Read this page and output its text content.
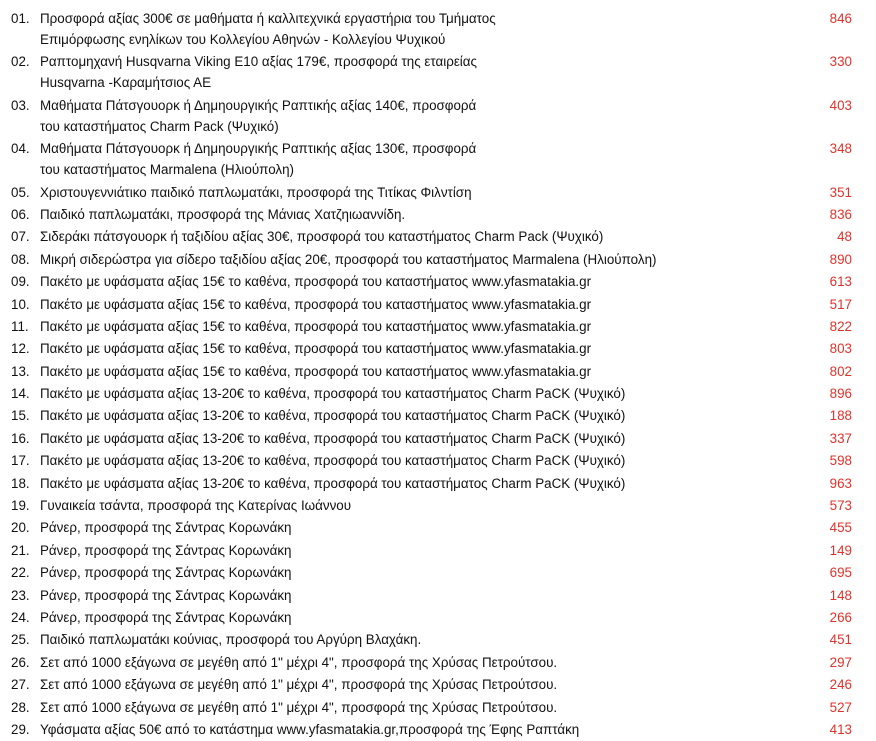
01. Προσφορά αξίας 300€ σε μαθήματα ή καλλιτεχνικά εργαστήρια του Τμήματος
Επιμόρφωσης ενηλίκων του Κολλεγίου Αθηνών - Κολλεγίου Ψυχικού
846
02. Ραπτομηχανή Husqvarna Viking E10 αξίας 179€, προσφορά της εταιρείας
Husqvarna -Καραμήτσιος ΑΕ
330
03. Μαθήματα Πάτσγουορκ ή Δημηουργικής Ραπτικής αξίας 140€, προσφορά
του καταστήματος Charm Pack (Ψυχικό)
403
04. Μαθήματα Πάτσγουορκ ή Δημηουργικής Ραπτικής αξίας 130€, προσφορά
του καταστήματος Marmalena (Ηλιούπολη)
348
05. Χριστουγεννιάτικο παιδικό παπλωματάκι, προσφορά της Τιτίκας Φιλντίση	351
06. Παιδικό παπλωματάκι, προσφορά της Μάνιας Χατζηιωαννίδη.	836
07. Σιδεράκι πάτσγουορκ ή ταξιδίου αξίας 30€, προσφορά του καταστήματος Charm Pack (Ψυχικό)	48
08. Μικρή σιδερώστρα για σίδερο ταξιδίου αξίας 20€, προσφορά του καταστήματος Marmalena (Ηλιούπολη)	890
09. Πακέτο με υφάσματα αξίας 15€ το καθένα, προσφορά του καταστήματος www.yfasmatakia.gr	613
10. Πακέτο με υφάσματα αξίας 15€ το καθένα, προσφορά του καταστήματος www.yfasmatakia.gr	517
11. Πακέτο με υφάσματα αξίας 15€ το καθένα, προσφορά του καταστήματος www.yfasmatakia.gr	822
12. Πακέτο με υφάσματα αξίας 15€ το καθένα, προσφορά του καταστήματος www.yfasmatakia.gr	803
13. Πακέτο με υφάσματα αξίας 15€ το καθένα, προσφορά του καταστήματος www.yfasmatakia.gr	802
14. Πακέτο με υφάσματα αξίας 13-20€ το καθένα, προσφορά του καταστήματος Charm PaCK (Ψυχικό)	896
15. Πακέτο με υφάσματα αξίας 13-20€ το καθένα, προσφορά του καταστήματος Charm PaCK (Ψυχικό)	188
16. Πακέτο με υφάσματα αξίας 13-20€ το καθένα, προσφορά του καταστήματος Charm PaCK (Ψυχικό)	337
17. Πακέτο με υφάσματα αξίας 13-20€ το καθένα, προσφορά του καταστήματος Charm PaCK (Ψυχικό)	598
18. Πακέτο με υφάσματα αξίας 13-20€ το καθένα, προσφορά του καταστήματος Charm PaCK (Ψυχικό)	963
19. Γυναικεία τσάντα, προσφορά της Κατερίνας Ιωάννου	573
20. Ράνερ, προσφορά της Σάντρας Κορωνάκη	455
21. Ράνερ, προσφορά της Σάντρας Κορωνάκη	149
22. Ράνερ, προσφορά της Σάντρας Κορωνάκη	695
23. Ράνερ, προσφορά της Σάντρας Κορωνάκη	148
24. Ράνερ, προσφορά της Σάντρας Κορωνάκη	266
25. Παιδικό παπλωματάκι κούνιας, προσφορά του Αργύρη Βλαχάκη.	451
26. Σετ από 1000 εξάγωνα σε μεγέθη από 1" μέχρι 4", προσφορά της Χρύσας Πετρούτσου.	297
27. Σετ από 1000 εξάγωνα σε μεγέθη από 1" μέχρι 4", προσφορά της Χρύσας Πετρούτσου.	246
28. Σετ από 1000 εξάγωνα σε μεγέθη από 1" μέχρι 4", προσφορά της Χρύσας Πετρούτσου.	527
29. Υφάσματα αξίας 50€ από το κατάστημα www.yfasmatakia.gr,προσφορά της Έφης Ραπτάκη	413
